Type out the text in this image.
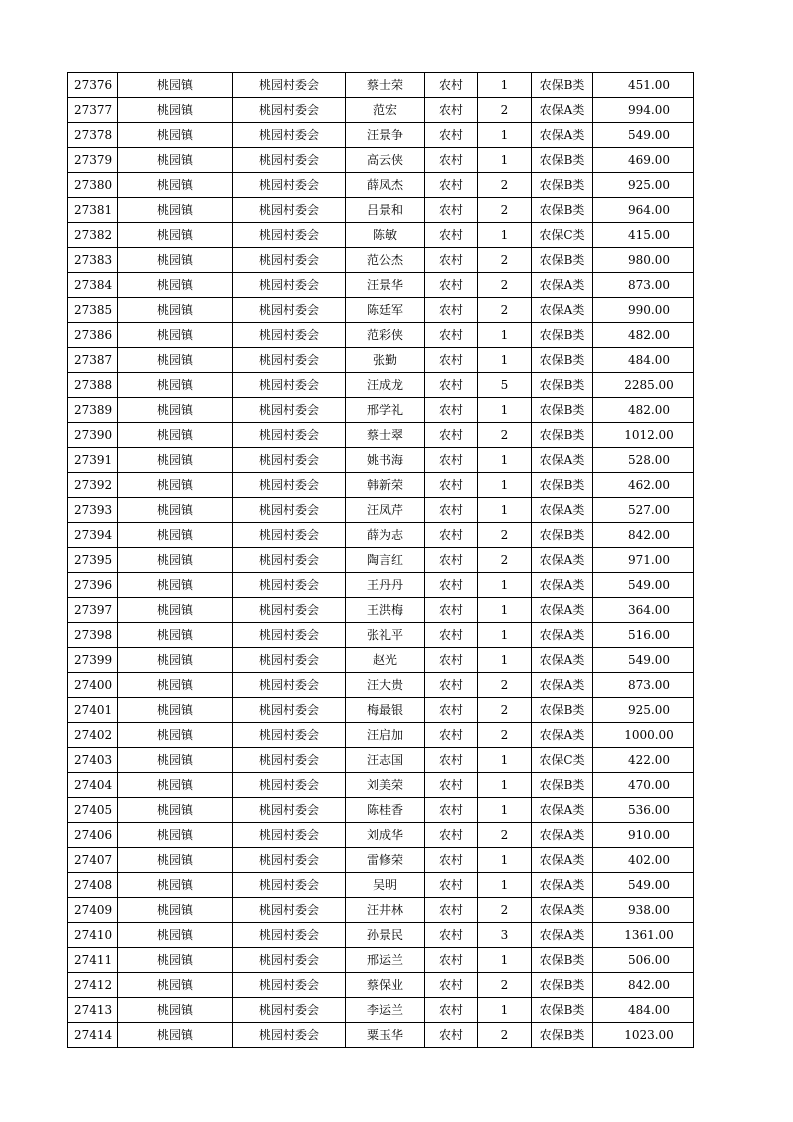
27376	桃园镇	桃园村委会	蔡士荣	农村	1	农保B类	451.00
27377	桃园镇	桃园村委会	范宏	农村	2	农保A类	994.00
27378	桃园镇	桃园村委会	汪景争	农村	1	农保A类	549.00
27379	桃园镇	桃园村委会	高云侠	农村	1	农保B类	469.00
27380	桃园镇	桃园村委会	薛凤杰	农村	2	农保B类	925.00
27381	桃园镇	桃园村委会	吕景和	农村	2	农保B类	964.00
27382	桃园镇	桃园村委会	陈敏	农村	1	农保C类	415.00
27383	桃园镇	桃园村委会	范公杰	农村	2	农保B类	980.00
27384	桃园镇	桃园村委会	汪景华	农村	2	农保A类	873.00
27385	桃园镇	桃园村委会	陈廷军	农村	2	农保A类	990.00
27386	桃园镇	桃园村委会	范彩侠	农村	1	农保B类	482.00
27387	桃园镇	桃园村委会	张勤	农村	1	农保B类	484.00
27388	桃园镇	桃园村委会	汪成龙	农村	5	农保B类	2285.00
27389	桃园镇	桃园村委会	邢学礼	农村	1	农保B类	482.00
27390	桃园镇	桃园村委会	蔡士翠	农村	2	农保B类	1012.00
27391	桃园镇	桃园村委会	姚书海	农村	1	农保A类	528.00
27392	桃园镇	桃园村委会	韩新荣	农村	1	农保B类	462.00
27393	桃园镇	桃园村委会	汪凤芹	农村	1	农保A类	527.00
27394	桃园镇	桃园村委会	薛为志	农村	2	农保B类	842.00
27395	桃园镇	桃园村委会	陶言红	农村	2	农保A类	971.00
27396	桃园镇	桃园村委会	王丹丹	农村	1	农保A类	549.00
27397	桃园镇	桃园村委会	王洪梅	农村	1	农保A类	364.00
27398	桃园镇	桃园村委会	张礼平	农村	1	农保A类	516.00
27399	桃园镇	桃园村委会	赵光	农村	1	农保A类	549.00
27400	桃园镇	桃园村委会	汪大贵	农村	2	农保A类	873.00
27401	桃园镇	桃园村委会	梅最银	农村	2	农保B类	925.00
27402	桃园镇	桃园村委会	汪启加	农村	2	农保A类	1000.00
27403	桃园镇	桃园村委会	汪志国	农村	1	农保C类	422.00
27404	桃园镇	桃园村委会	刘美荣	农村	1	农保B类	470.00
27405	桃园镇	桃园村委会	陈桂香	农村	1	农保A类	536.00
27406	桃园镇	桃园村委会	刘成华	农村	2	农保A类	910.00
27407	桃园镇	桃园村委会	雷修荣	农村	1	农保A类	402.00
27408	桃园镇	桃园村委会	吴明	农村	1	农保A类	549.00
27409	桃园镇	桃园村委会	汪井林	农村	2	农保A类	938.00
27410	桃园镇	桃园村委会	孙景民	农村	3	农保A类	1361.00
27411	桃园镇	桃园村委会	邢运兰	农村	1	农保B类	506.00
27412	桃园镇	桃园村委会	蔡保业	农村	2	农保B类	842.00
27413	桃园镇	桃园村委会	李运兰	农村	1	农保B类	484.00
27414	桃园镇	桃园村委会	粟玉华	农村	2	农保B类	1023.00
